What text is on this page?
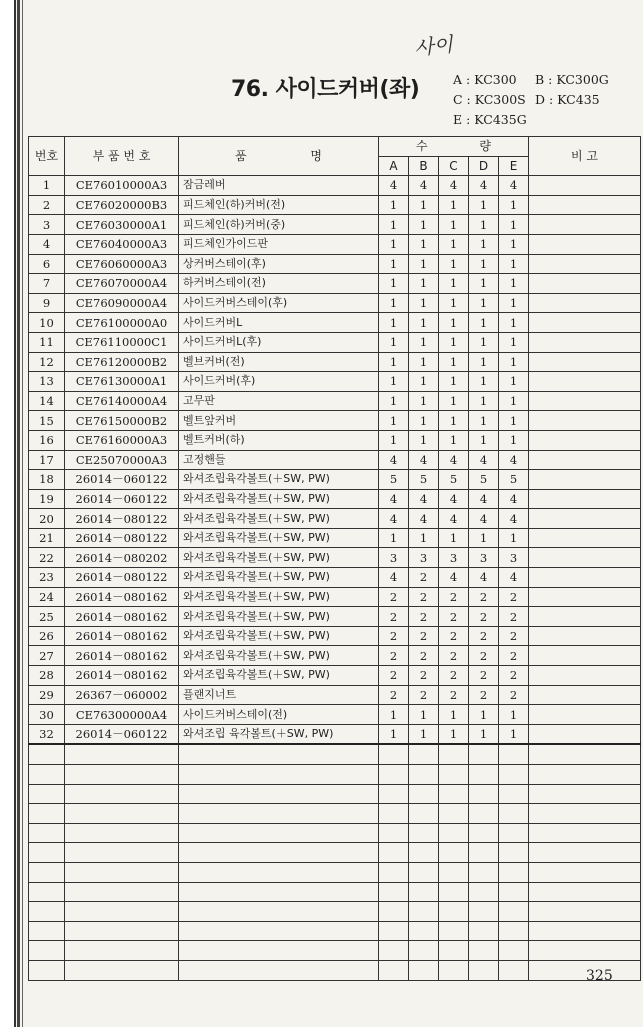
사이
76. 사이드커버(좌)	A : KC300 B : KC300G
C : KC300S D : KC435
E : KC435G
번호	부 품 번 호	품 명	수 량					비 고
			A	B	C	D	E	
1	CE76010000A3	잠금레버	4	4	4	4	4	
2	CE76020000B3	피드체인(하)커버(전)	1	1	1	1	1	
3	CE76030000A1	피드체인(하)커버(중)	1	1	1	1	1	
4	CE76040000A3	피드체인가이드판	1	1	1	1	1	
6	CE76060000A3	상커버스테이(후)	1	1	1	1	1	
7	CE76070000A4	하커버스테이(전)	1	1	1	1	1	
9	CE76090000A4	사이드커버스테이(후)	1	1	1	1	1	
10	CE76100000A0	사이드커버L	1	1	1	1	1	
11	CE76110000C1	사이드커버L(후)	1	1	1	1	1	
12	CE76120000B2	벨브커버(전)	1	1	1	1	1	
13	CE76130000A1	사이드커버(후)	1	1	1	1	1	
14	CE76140000A4	고무판	1	1	1	1	1	
15	CE76150000B2	벨트앞커버	1	1	1	1	1	
16	CE76160000A3	벨트커버(하)	1	1	1	1	1	
17	CE25070000A3	고정핸들	4	4	4	4	4	
18	26014－060122	와셔조립육각볼트(＋SW, PW)	5	5	5	5	5	
19	26014－060122	와셔조립육각볼트(＋SW, PW)	4	4	4	4	4	
20	26014－080122	와셔조립육각볼트(＋SW, PW)	4	4	4	4	4	
21	26014－080122	와셔조립육각볼트(＋SW, PW)	1	1	1	1	1	
22	26014－080202	와셔조립육각볼트(＋SW, PW)	3	3	3	3	3	
23	26014－080122	와셔조립육각볼트(＋SW, PW)	4	2	4	4	4	
24	26014－080162	와셔조립육각볼트(＋SW, PW)	2	2	2	2	2	
25	26014－080162	와셔조립육각볼트(＋SW, PW)	2	2	2	2	2	
26	26014－080162	와셔조립육각볼트(＋SW, PW)	2	2	2	2	2	
27	26014－080162	와셔조립육각볼트(＋SW, PW)	2	2	2	2	2	
28	26014－080162	와셔조립육각볼트(＋SW, PW)	2	2	2	2	2	
29	26367－060002	플랜지너트	2	2	2	2	2	
30	CE76300000A4	사이드커버스테이(전)	1	1	1	1	1	
32	26014－060122	와셔조립 육각볼트(＋SW, PW)	1	1	1	1	1	

325
